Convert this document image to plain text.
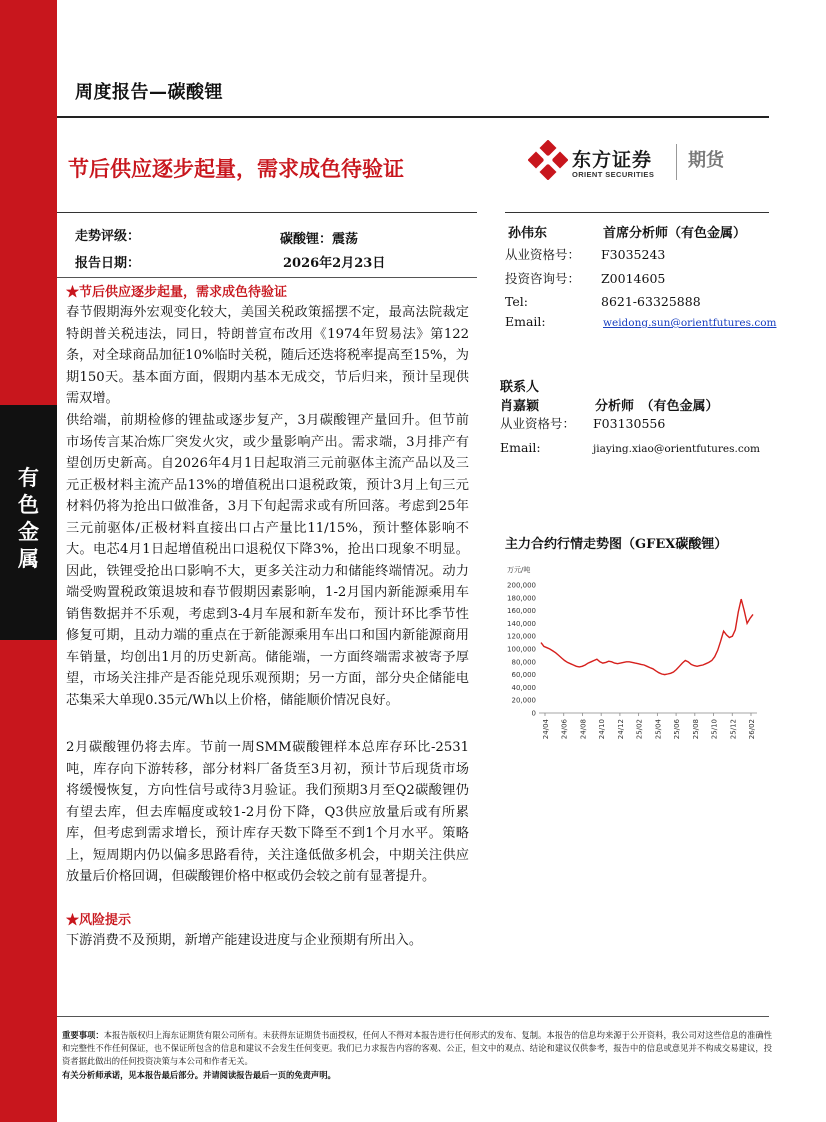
有
色
金
属
周度报告—碳酸锂
节后供应逐步起量，需求成色待验证	东方证券
ORIENT SECURITIES
期货
走势评级：	碳酸锂：震荡
报告日期：	2026年2月23日
孙伟东	首席分析师（有色金属）
从业资格号： F3035243
投资咨询号： Z0014605
Tel:	8621-63325888
Email:	weidong.sun@orientfutures.com
联系人
肖嘉颖	分析师　（有色金属）
从业资格号： F03130556
Email:	jiaying.xiao@orientfutures.com
★节后供应逐步起量，需求成色待验证
春节假期海外宏观变化较大，美国关税政策摇摆不定，最高法院裁定特朗普关税违法，同日，特朗普宣布改用《1974年贸易法》第122条，对全球商品加征10%临时关税，随后还迭将税率提高至15%，为期150天。基本面方面，假期内基本无成交，节后归来，预计呈现供需双增。
供给端，前期检修的锂盐或逐步复产，3月碳酸锂产量回升。但节前市场传言某冶炼厂突发火灾，或少量影响产出。需求端，3月排产有望创历史新高。自2026年4月1日起取消三元前驱体主流产品以及三元正极材料主流产品13%的增值税出口退税政策，预计3月上旬三元材料仍将为抢出口做准备，3月下旬起需求或有所回落。考虑到25年三元前驱体/正极材料直接出口占产量比11/15%，预计整体影响不大。电芯4月1日起增值税出口退税仅下降3%，抢出口现象不明显。因此，铁锂受抢出口影响不大，更多关注动力和储能终端情况。动力端受购置税政策退坡和春节假期因素影响，1-2月国内新能源乘用车销售数据并不乐观，考虑到3-4月车展和新车发布，预计环比季节性修复可期，且动力端的重点在于新能源乘用车出口和国内新能源商用车销量，均创出1月的历史新高。储能端，一方面终端需求被寄予厚望，市场关注排产是否能兑现乐观预期；另一方面，部分央企储能电芯集采大单现0.35元/Wh以上价格，储能顺价情况良好。
2月碳酸锂仍将去库。节前一周SMM碳酸锂样本总库存环比-2531吨，库存向下游转移，部分材料厂备货至3月初，预计节后现货市场将缓慢恢复，方向性信号或待3月验证。我们预期3月至Q2碳酸锂仍有望去库，但去库幅度或较1-2月份下降，Q3供应放量后或有所累库，但考虑到需求增长，预计库存天数下降至不到1个月水平。策略上，短周期内仍以偏多思路看待，关注逢低做多机会，中期关注供应放量后价格回调，但碳酸锂价格中枢或仍会较之前有显著提升。
★风险提示
下游消费不及预期，新增产能建设进度与企业预期有所出入。
主力合约行情走势图（GFEX碳酸锂）
万元/吨
200,000
180,000
160,000
140,000
120,000
100,000
80,000
60,000
40,000
20,000
0
24/04 24/06 24/08 24/10 24/12 25/02 25/04 25/06 25/08 25/10 25/12 26/02
重要事项：本报告版权归上海东证期货有限公司所有。未获得东证期货书面授权，任何人不得对本报告进行任何形式的发布、复制。本报告的信息均来源于公开资料，我公司对这些信息的准确性和完整性不作任何保证，也不保证所包含的信息和建议不会发生任何变更。我们已力求报告内容的客观、公正，但文中的观点、结论和建议仅供参考，报告中的信息或意见并不构成交易建议，投资者据此做出的任何投资决策与本公司和作者无关。
有关分析师承诺，见本报告最后部分。并请阅读报告最后一页的免责声明。
